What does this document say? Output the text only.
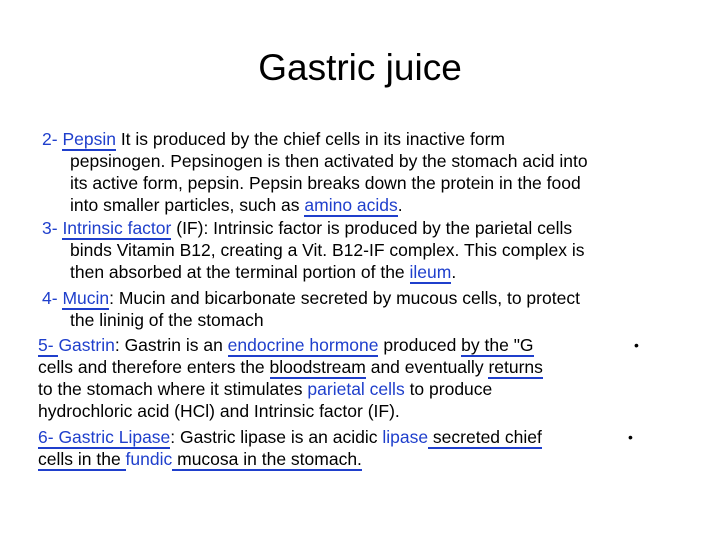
Gastric juice
2- Pepsin It is produced by the chief cells in its inactive form
pepsinogen. Pepsinogen is then activated by the stomach acid into
its active form, pepsin. Pepsin breaks down the protein in the food
into smaller particles, such as amino acids.
3- Intrinsic factor (IF): Intrinsic factor is produced by the parietal cells
binds Vitamin B12, creating a Vit. B12-IF complex. This complex is
then absorbed at the terminal portion of the ileum.
4- Mucin: Mucin and bicarbonate secreted by mucous cells, to protect
the lininig of the stomach
5- Gastrin: Gastrin is an endocrine hormone produced by the "G	•
cells and therefore enters the bloodstream and eventually returns
to the stomach where it stimulates parietal cells to produce
hydrochloric acid (HCl) and Intrinsic factor (IF).
6- Gastric Lipase: Gastric lipase is an acidic lipase secreted chief	•
cells in the fundic mucosa in the stomach.
